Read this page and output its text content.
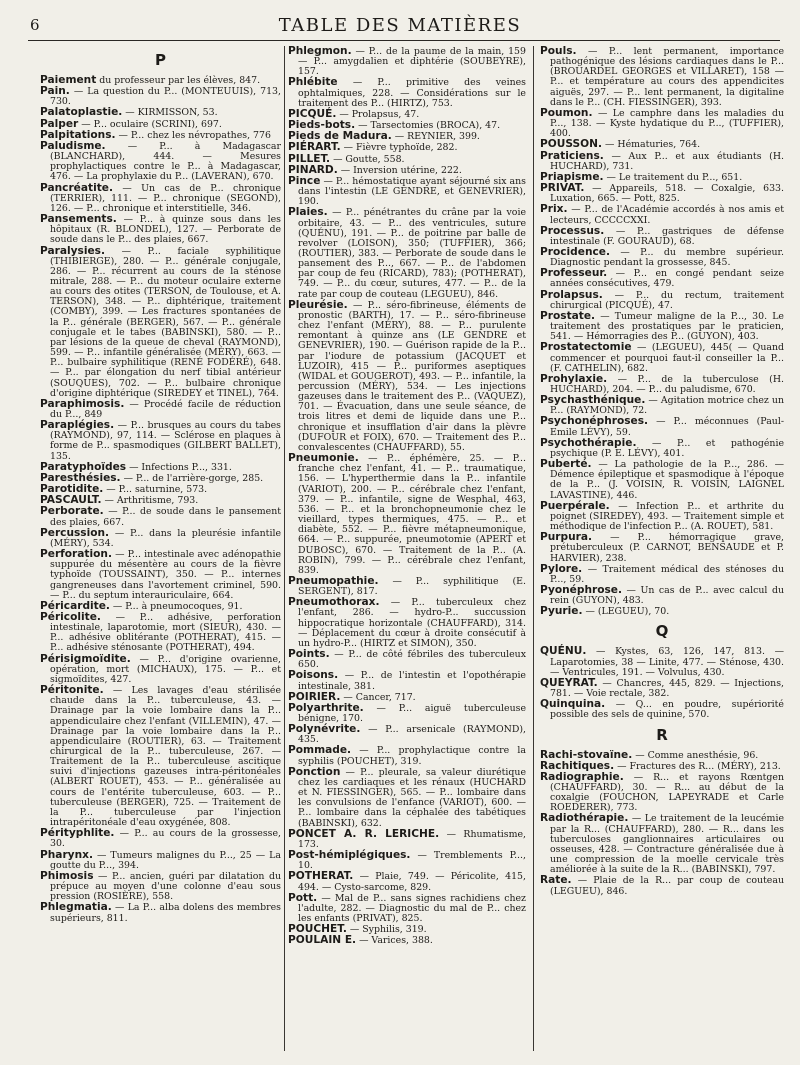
6	TABLE DES MATIÈRES
P

Paiement du professeur par les élèves, 847.

Pain. — La question du P... (MONTEUUIS), 713, 730.

Palatoplastie. — KIRMISSON, 53.

Palper — P... oculaire (SCRINI), 697.

Palpitations. — P... chez les névropathes, 776

Paludisme. — P... à Madagascar (BLANCHARD), 444. — Mesures prophylactiques contre le P... à Madagascar, 476. — La prophylaxie du P... (LAVERAN), 670.

Pancréatite. — Un cas de P... chronique (TERRIER), 111. — P... chronique (SEGOND), 126. — P... chronique et interstitielle, 346.

Pansements. — P... à quinze sous dans les hôpitaux (R. BLONDEL), 127. — Perborate de soude dans le P... des plaies, 667.

Paralysies. — P... faciale syphilitique (THIBIERGE), 280. — P... générale conjugale, 286. — P... récurrent au cours de la sténose mitrale, 288. — P... du moteur oculaire externe au cours des otites (TERSON, de Toulouse, et A. TERSON), 348. — P... diphtérique, traitement (COMBY), 399. — Les fractures spontanées de la P... générale (BERGER), 567. — P... générale conjugale et le tabes (BABINSKI), 580. — P... par lésions de la queue de cheval (RAYMOND), 599. — P... infantile généralisée (MÉRY), 663. — P... bulbaire syphilitique (RENÉ FODÉRÉ), 648. — P... par élongation du nerf tibial antérieur (SOUQUES), 702. — P... bulbaire chronique d'origine diphtérique (SIREDEY et TINEL), 764.

Paraphimosis. — Procédé facile de réduction du P..., 849

Paraplégies. — P... brusques au cours du tabes (RAYMOND), 97, 114. — Sclérose en plaques à forme de P... spasmodiques (GILBERT BALLET), 135.

Paratyphoïdes — Infections P..., 331.

Paresthésies. — P... de l'arrière-gorge, 285.

Parotidite. — P... saturnine, 573.

PASCAULT. — Arthritisme, 793.

Perborate. — P... de soude dans le pansement des plaies, 667.

Percussion. — P... dans la pleurésie infantile (MÉRY), 534.

Perforation. — P... intestinale avec adénopathie suppurée du mésentère au cours de la fièvre typhoïde (TOUSSAINT), 350. — P... internes gangreneuses dans l'avortement criminel, 590. — P... du septum interauriculaire, 664.

Péricardite. — P... à pneumocoques, 91.

Péricolite. — P... adhésive, perforation intestinale, laparotomie, mort (SIEUR), 430. — P... adhésive oblitérante (POTHERAT), 415. — P... adhésive sténosante (POTHERAT), 494.

Périsigmoïdite. — P... d'origine ovarienne, opération, mort (MICHAUX), 175. — P... et sigmoïdites, 427.

Péritonite. — Les lavages d'eau stérilisée chaude dans la P... tuberculeuse, 43. — Drainage par la voie lombaire dans la P... appendiculaire chez l'enfant (VILLEMIN), 47. — Drainage par la voie lombaire dans la P... appendiculaire (ROUTIER), 63. — Traitement chirurgical de la P... tuberculeuse, 267. — Traitement de la P... tuberculeuse ascitique suivi d'injections gazeuses intra-péritonéales (ALBERT ROUET), 453. — P... généralisée au cours de l'entérite tuberculeuse, 603. — P... tuberculeuse (BERGER), 725. — Traitement de la P... tuberculeuse par l'injection intrapéritonéale d'eau oxygénée, 808.

Pérityphlite. — P... au cours de la grossesse, 30.

Pharynx. — Tumeurs malignes du P..., 25 — La goutte du P..., 394.

Phimosis — P... ancien, guéri par dilatation du prépuce au moyen d'une colonne d'eau sous pression (ROSIÈRE), 558.

Phlegmatia. — La P... alba dolens des membres supérieurs, 811.

Phlegmon. — P... de la paume de la main, 159 — P... amygdalien et diphtérie (SOUBEYRE), 157.

Phlébite — P... primitive des veines ophtalmiques, 228. — Considérations sur le traitement des P... (HIRTZ), 753.

PICQUÉ. — Prolapsus, 47.

Pieds-bots. — Tarsectomies (BROCA), 47.

Pieds de Madura. — REYNIER, 399.

PIÉRART. — Fièvre typhoïde, 282.

PILLET. — Goutte, 558.

PINARD. — Inversion utérine, 222.

Pince — P... hémostatique ayant séjourné six ans dans l'intestin (LE GENDRE, et GENEVRIER), 190.

Plaies. — P... pénétrantes du crâne par la voie orbitaire, 43. — P... des ventricules, suture (QUÉNU), 191. — P... de poitrine par balle de revolver (LOISON), 350; (TUFFIER), 366; (ROUTIER), 383. — Perborate de soude dans le pansement des P..., 667. — P... de l'abdomen par coup de feu (RICARD), 783); (POTHERAT), 749. — P... du cœur, sutures, 477. — P... de la rate par coup de couteau (LEGUEU), 846.

Pleurésie. — P... séro-fibrineuse, éléments de pronostic (BARTH), 17. — P... séro-fibrineuse chez l'enfant (MÉRY), 88. — P... purulente remontant à quinze ans (LE GENDRE et GENEVRIER), 190. — Guérison rapide de la P... par l'iodure de potassium (JACQUET et LUZOIR), 415 — P... puriformes aseptiques (WIDAL et GOUGEROT), 493. — P... infantile, la percussion (MÉRY), 534. — Les injections gazeuses dans le traitement des P... (VAQUEZ), 701. — Évacuation, dans une seule séance, de trois litres et demi de liquide dans une P... chronique et insufflation d'air dans la plèvre (DUFOUR et FOIX), 670. — Traitement des P... convalescentes (CHAUFFARD), 55.

Pneumonie. — P... éphémère, 25. — P... franche chez l'enfant, 41. — P... traumatique, 156. — L'hyperthermie dans la P... infantile (VARIOT), 200. — P... cérébrale chez l'enfant, 379. — P... infantile, signe de Wesphal, 463, 536. — P... et la bronchopneumonie chez le vieillard, types thermiques, 475. — P... et diabète, 552. — P... fièvre métapneumonique, 664. — P... suppurée, pneumotomie (APERT et DUBOSC), 670. — Traitement de la P... (A. ROBIN), 799. — P... cérébrale chez l'enfant, 839.

Pneumopathie. — P... syphilitique (E. SERGENT), 817.

Pneumothorax. — P... tuberculeux chez l'enfant, 286. — hydro-P... succussion hippocratique horizontale (CHAUFFARD), 314. — Déplacement du cœur à droite consécutif à un hydro-P... (HIRTZ et SIMON), 350.

Points. — P... de côté fébriles des tuberculeux 650.

Poisons. — P... de l'intestin et l'opothérapie intestinale, 381.

POIRIER. — Cancer, 717.

Polyarthrite. — P... aiguë tuberculeuse bénigne, 170.

Polynévrite. — P... arsenicale (RAYMOND), 435.

Pommade. — P... prophylactique contre la syphilis (POUCHET), 319.

Ponction — P... pleurale, sa valeur diurétique chez les cardiaques et les rénaux (HUCHARD et N. FIESSINGER), 565. — P... lombaire dans les convulsions de l'enfance (VARIOT), 600. — P... lombaire dans la céphalée des tabétiques (BABINSKI), 632.

PONCET A. R. LERICHE. — Rhumatisme, 173.

Post-hémiplégiques. — Tremblements P..., 10.

POTHERAT. — Plaie, 749. — Péricolite, 415, 494. — Cysto-sarcome, 829.

Pott. — Mal de P... sans signes rachidiens chez l'adulte, 282. — Diagnostic du mal de P... chez les enfants (PRIVAT), 825.

POUCHET. — Syphilis, 319.

POULAIN E. — Varices, 388.

Pouls. — P... lent permanent, importance pathogénique des lésions cardiaques dans le P... (BROUARDEL GEORGES et VILLARET), 158 — P... et température au cours des appendicites aiguës, 297. — P... lent permanent, la digitaline dans le P... (CH. FIESSINGER), 393.

Poumon. — Le camphre dans les maladies du P..., 138. — Kyste hydatique du P..., (TUFFIER), 400.

POUSSON. — Hématuries, 764.

Praticiens. — Aux P... et aux étudiants (H. HUCHARD), 731.

Priapisme. — Le traitement du P..., 651.

PRIVAT. — Appareils, 518. — Coxalgie, 633. Luxation, 665. — Pott, 825.

Prix. — P... de l'Académie accordés à nos amis et lecteurs, CCCCCXXI.

Processus. — P... gastriques de défense intestinale (F. GOURAUD), 68.

Procidence. — P... du membre supérieur. Diagnostic pendant la grossesse, 845.

Professeur. — P... en congé pendant seize années consécutives, 479.

Prolapsus. — P... du rectum, traitement chirurgical (PICQUÉ), 47.

Prostate. — Tumeur maligne de la P..., 30. Le traitement des prostatiques par le praticien, 541. — Hémorragies des P... (GUYON), 403.

Prostatectomie — (LEGUEU), 445( — Quand commencer et pourquoi faut-il conseiller la P... (F. CATHELIN), 682.

Prohylaxie. — P... de la tuberculose (H. HUCHARD), 204. — P... du paludisme, 670.

Psychasthénique. — Agitation motrice chez un P... (RAYMOND), 72.

Psychonéphroses. — P... méconnues (Paul-Emile LÉVY), 59.

Psychothérapie. — P... et pathogénie psychique (P. E. LÉVY), 401.

Puberté. — La pathologie de la P..., 286. — Démence épileptique et spasmodique à l'époque de la P... (J. VOISIN, R. VOISIN, LAIGNEL LAVASTINE), 446.

Puerpérale. — Infection P... et arthrite du poignet (SIREDEY), 493. — Traitement simple et méthodique de l'infection P... (A. ROUET), 581.

Purpura. — P... hémorragique grave, prétuberculeux (P. CARNOT, BENSAUDE et P. HARVIER), 238.

Pylore. — Traitement médical des sténoses du P..., 59.

Pyonéphrose. — Un cas de P... avec calcul du rein (GUYON), 483.

Pyurie. — (LEGUEU), 70.

Q

QUÉNU. — Kystes, 63, 126, 147, 813. — Laparotomies, 38 — Linite, 477. — Sténose, 430. — Ventricules, 191. — Volvulus, 430.

QUEYRAT. — Chancres, 445, 829. — Injections, 781. — Voie rectale, 382.

Quinquina. — Q... en poudre, supériorité possible des sels de quinine, 570.

R

Rachi-stovaïne. — Comme anesthésie, 96.

Rachitiques. — Fractures des R... (MÉRY), 213.

Radiographie. — R... et rayons Rœntgen (CHAUFFARD), 30. — R... au début de la coxalgie (FOUCHON, LAPEYRADE et Carle ROEDERER), 773.

Radiothérapie. — Le traitement de la leucémie par la R... (CHAUFFARD), 280. — R... dans les tuberculoses ganglionnaires articulaires ou osseuses, 428. — Contracture généralisée due à une compression de la moelle cervicale très améliorée à la suite de la R... (BABINSKI), 797.

Rate. — Plaie de la R... par coup de couteau (LEGUEU), 846.
